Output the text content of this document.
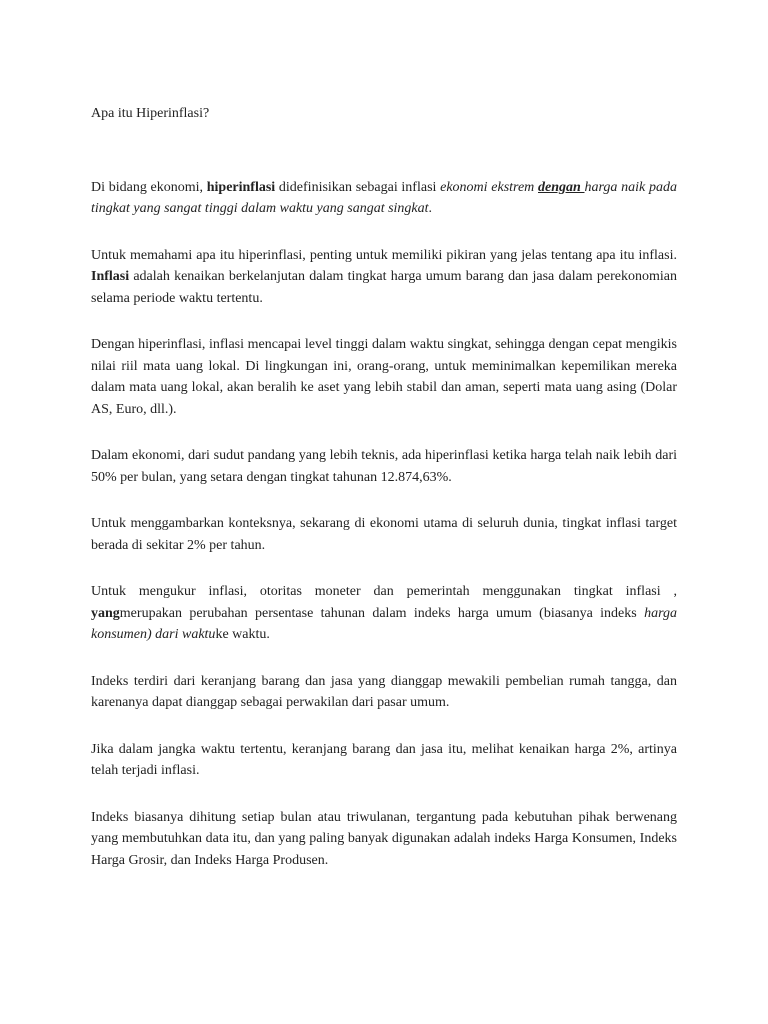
Apa itu Hiperinflasi?

Di bidang ekonomi, hiperinflasi didefinisikan sebagai inflasi ekonomi ekstrem dengan harga naik pada tingkat yang sangat tinggi dalam waktu yang sangat singkat.

Untuk memahami apa itu hiperinflasi, penting untuk memiliki pikiran yang jelas tentang apa itu inflasi. Inflasi adalah kenaikan berkelanjutan dalam tingkat harga umum barang dan jasa dalam perekonomian selama periode waktu tertentu.

Dengan hiperinflasi, inflasi mencapai level tinggi dalam waktu singkat, sehingga dengan cepat mengikis nilai riil mata uang lokal. Di lingkungan ini, orang-orang, untuk meminimalkan kepemilikan mereka dalam mata uang lokal, akan beralih ke aset yang lebih stabil dan aman, seperti mata uang asing (Dolar AS, Euro, dll.).

Dalam ekonomi, dari sudut pandang yang lebih teknis, ada hiperinflasi ketika harga telah naik lebih dari 50% per bulan, yang setara dengan tingkat tahunan 12.874,63%.

Untuk menggambarkan konteksnya, sekarang di ekonomi utama di seluruh dunia, tingkat inflasi target berada di sekitar 2% per tahun.

Untuk mengukur inflasi, otoritas moneter dan pemerintah menggunakan tingkat inflasi , yangmerupakan perubahan persentase tahunan dalam indeks harga umum (biasanya indeks harga konsumen) dari waktuke waktu.

Indeks terdiri dari keranjang barang dan jasa yang dianggap mewakili pembelian rumah tangga, dan karenanya dapat dianggap sebagai perwakilan dari pasar umum.

Jika dalam jangka waktu tertentu, keranjang barang dan jasa itu, melihat kenaikan harga 2%, artinya telah terjadi inflasi.

Indeks biasanya dihitung setiap bulan atau triwulanan, tergantung pada kebutuhan pihak berwenang yang membutuhkan data itu, dan yang paling banyak digunakan adalah indeks Harga Konsumen, Indeks Harga Grosir, dan Indeks Harga Produsen.
